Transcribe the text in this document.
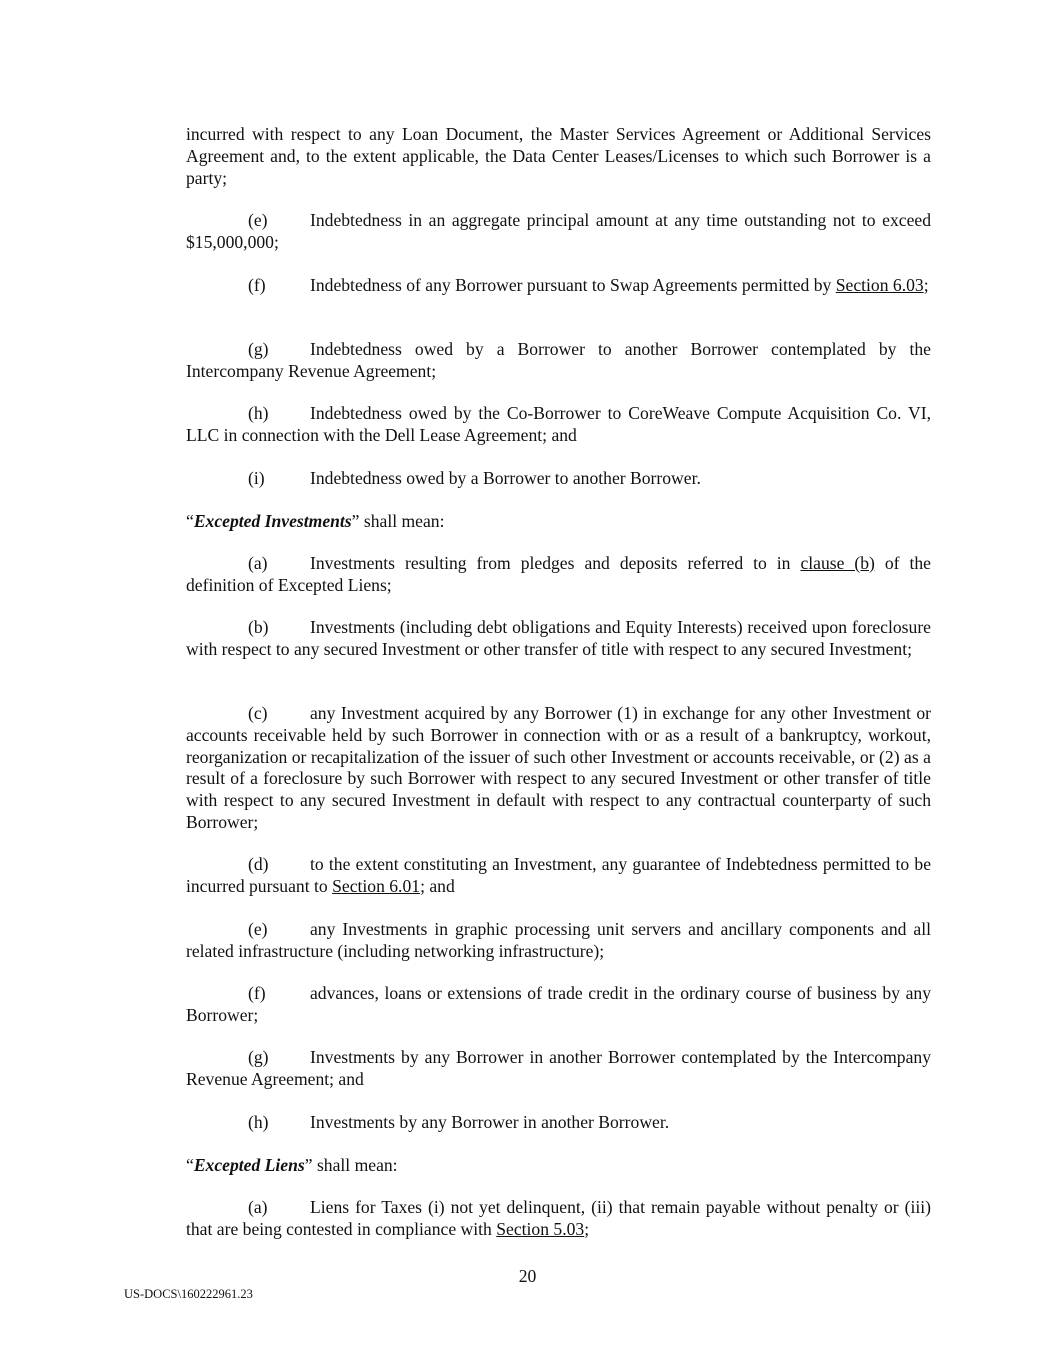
incurred with respect to any Loan Document, the Master Services Agreement or Additional Services Agreement and, to the extent applicable, the Data Center Leases/Licenses to which such Borrower is a party;

(e) Indebtedness in an aggregate principal amount at any time outstanding not to exceed $15,000,000;

(f)	Indebtedness of any Borrower pursuant to Swap Agreements permitted by Section 6.03;

(g) Indebtedness owed by a Borrower to another Borrower contemplated by the Intercompany Revenue Agreement;

(h) Indebtedness owed by the Co-Borrower to CoreWeave Compute Acquisition Co. VI, LLC in connection with the Dell Lease Agreement; and

(i)	Indebtedness owed by a Borrower to another Borrower.

“Excepted Investments” shall mean:

(a) Investments resulting from pledges and deposits referred to in clause (b) of the definition of Excepted Liens;

(b) Investments (including debt obligations and Equity Interests) received upon foreclosure with respect to any secured Investment or other transfer of title with respect to any secured Investment;

(c) any Investment acquired by any Borrower (1) in exchange for any other Investment or accounts receivable held by such Borrower in connection with or as a result of a bankruptcy, workout, reorganization or recapitalization of the issuer of such other Investment or accounts receivable, or (2) as a result of a foreclosure by such Borrower with respect to any secured Investment or other transfer of title with respect to any secured Investment in default with respect to any contractual counterparty of such Borrower;

(d) to the extent constituting an Investment, any guarantee of Indebtedness permitted to be incurred pursuant to Section 6.01; and

(e) any Investments in graphic processing unit servers and ancillary components and all related infrastructure (including networking infrastructure);

(f)	advances, loans or extensions of trade credit in the ordinary course of business by any Borrower;

(g) Investments by any Borrower in another Borrower contemplated by the Intercompany Revenue Agreement; and

(h) Investments by any Borrower in another Borrower.

“Excepted Liens” shall mean:

(a) Liens for Taxes (i) not yet delinquent, (ii) that remain payable without penalty or (iii) that are being contested in compliance with Section 5.03;

20
US-DOCS\160222961.23
